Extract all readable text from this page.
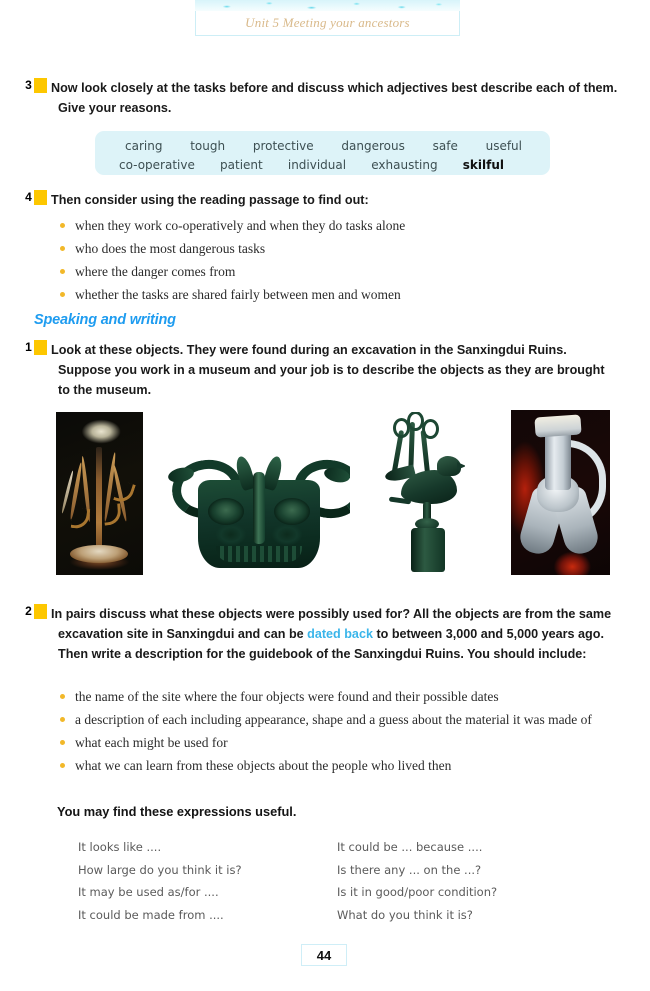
Unit 5 Meeting your ancestors
3 Now look closely at the tasks before and discuss which adjectives best describe each of them. Give your reasons.
caring tough protective dangerous safe useful
co-operative patient individual exhausting skilful
4 Then consider using the reading passage to find out:
when they work co-operatively and when they do tasks alone
who does the most dangerous tasks
where the danger comes from
whether the tasks are shared fairly between men and women
Speaking and writing
1 Look at these objects. They were found during an excavation in the Sanxingdui Ruins. Suppose you work in a museum and your job is to describe the objects as they are brought to the museum.
2 In pairs discuss what these objects were possibly used for? All the objects are from the same excavation site in Sanxingdui and can be dated back to between 3,000 and 5,000 years ago. Then write a description for the guidebook of the Sanxingdui Ruins. You should include:
the name of the site where the four objects were found and their possible dates
a description of each including appearance, shape and a guess about the material it was made of
what each might be used for
what we can learn from these objects about the people who lived then
You may find these expressions useful.
It looks like ....
How large do you think it is?
It may be used as/for ....
It could be made from ....
It could be ... because ....
Is there any ... on the ...?
Is it in good/poor condition?
What do you think it is?
44
